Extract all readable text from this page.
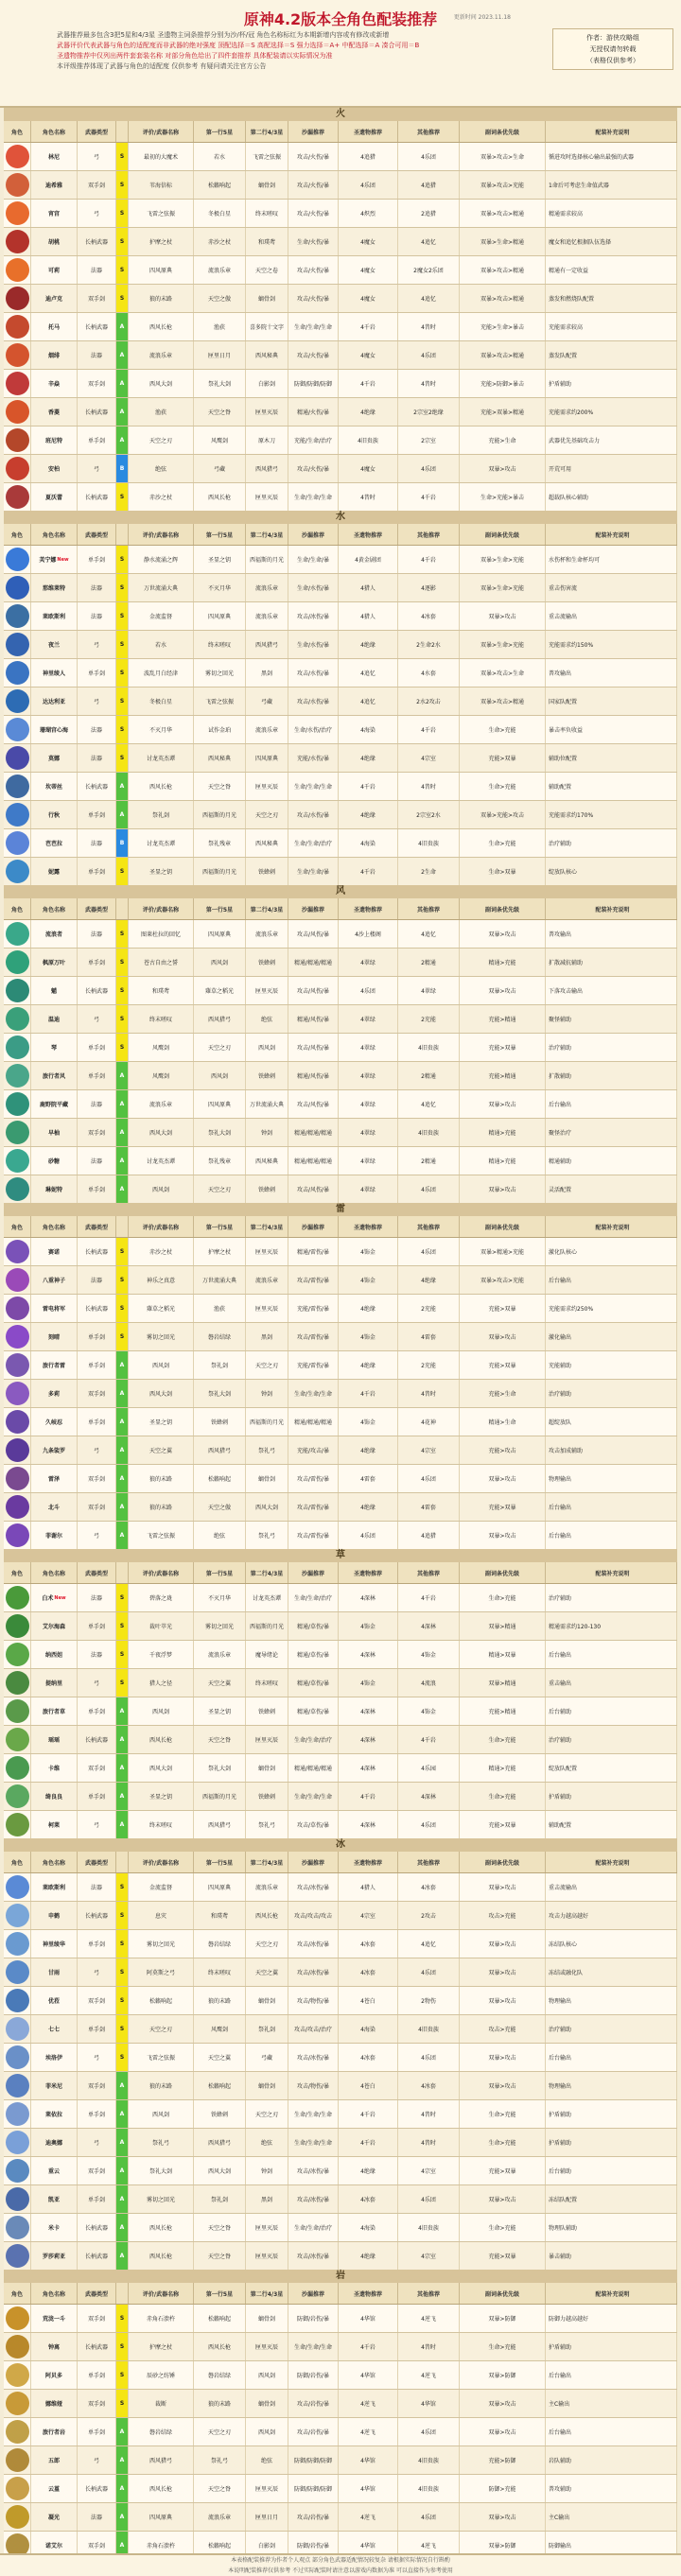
原神4.2版本全角色配装推荐	更新时间 2023.11.18
武器推荐最多包含3把5星和4/3星 圣遗物主词条推荐分别为沙/杯/冠 角色名称标红为本期新增内容或有修改或新增
武器评价代表武器与角色的适配度而非武器的绝对强度 顶配选择＝S 高配选择＝S 强力选择＝A+ 中配选择＝A 凑合可用＝B
圣遗物推荐中仅列出两件套套装名称 对部分角色给出了四件套推荐 具体配装请以实际情况为准
本评级推荐体现了武器与角色的适配度 仅供参考 有疑问请关注官方公告
作者：游侠攻略组
无授权请勿转载
（表格仅供参考）
火
角色	角色名称	武器类型	评价/武器名称	第一行5星	第二行4/3星	沙漏推荐	圣遗物推荐	其他推荐	副词条优先级	配装补充说明
林尼	弓	S	最初的大魔术	若水	飞雷之弦振	攻击/火伤/暴	4追猎	4乐团	双暴>攻击>生命	循进攻时选择核心输出最强的武器
迪希雅	双手剑	S	苇海信标	松籁响起	螭骨剑	攻击/火伤/暴	4乐团	4追猎	双暴>攻击>充能	1命后可考虑生命值武器
宵宫	弓	S	飞雷之弦振	冬极白星	终末嗟叹	攻击/火伤/暴	4炽烈	2追猎	双暴>攻击>精通	精通需求较高
胡桃	长柄武器 S	护摩之杖	赤沙之杖	和璞鸢	生命/火伤/暴	4魔女	4追忆	双暴>生命>精通	魔女和追忆根据队伍选择
可莉	法器	S	四风原典	流浪乐章	天空之卷	攻击/火伤/暴	4魔女	2魔女2乐团	双暴>攻击>精通	精通有一定收益
迪卢克	双手剑	S	狼的末路	天空之傲	螭骨剑	攻击/火伤/暴	4魔女	4追忆	双暴>攻击>精通	蒸发和燃烧队配置
托马	长柄武器 A	西风长枪	渔获	喜多院十文字 生命/生命/生命	4千岩	4昔时	充能>生命>暴击	充能需求较高
烟绯	法器	A	流浪乐章	匣里日月	西风秘典	攻击/火伤/暴	4魔女	4乐团	双暴>攻击>精通	蒸发队配置
辛焱	双手剑	A	西风大剑	祭礼大剑	白影剑	防御/防御/防御	4千岩	4昔时	充能>防御>暴击	护盾辅助
香菱	长柄武器 A	渔获	天空之脊	匣里灭辰	精通/火伤/暴	4绝缘	2宗室2绝缘	充能>双暴>精通	充能需求约200%
班尼特	单手剑	A	天空之刃	风鹰剑	原木刀	充能/生命/治疗	4旧贵族	2宗室	充能>生命	武器优先基础攻击力
安柏	弓	B	绝弦	弓藏	西风猎弓	攻击/火伤/暴	4魔女	4乐团	双暴>攻击	开荒可用
夏沃蕾	长柄武器 S	赤沙之杖	西风长枪	匣里灭辰	生命/生命/生命	4昔时	4千岩	生命>充能>暴击	超载队核心辅助
水
角色	角色名称	武器类型	评价/武器名称	第一行5星	第二行4/3星	沙漏推荐	圣遗物推荐	其他推荐	副词条优先级	配装补充说明
芙宁娜 New	单手剑	S	静水流涌之辉	圣显之钥	西福斯的月光 生命/生命/暴	4黄金剧团	4千岩	双暴>生命>充能	水伤杯和生命杯均可
那维莱特	法器	S	万世流涌大典	不灭月华	流浪乐章	生命/水伤/暴	4猎人	4逐影	双暴>生命>充能	重击伤害流
莱欧斯利	法器	S	金流监督	四风原典	流浪乐章	攻击/冰伤/暴	4猎人	4冰套	双暴>攻击	重击流输出
夜兰	弓	S	若水	终末嗟叹	西风猎弓	生命/水伤/暴	4绝缘	2生命2水	双暴>生命>充能	充能需求约150%
神里绫人	单手剑	S	波乱月白经津	雾切之回光	黑剑	攻击/水伤/暴	4追忆	4水套	双暴>攻击>生命	普攻输出
达达利亚	弓	S	冬极白星	飞雷之弦振	弓藏	攻击/水伤/暴	4追忆	2水2攻击	双暴>攻击>精通	国家队配置
珊瑚宫心海	法器	S	不灭月华	试作金珀	流浪乐章	生命/水伤/治疗	4海染	4千岩	生命>充能	暴击率负收益
莫娜	法器	S	讨龙英杰谭	西风秘典	四风原典	充能/水伤/暴	4绝缘	4宗室	充能>双暴	辅助位配置
坎蒂丝	长柄武器 A	西风长枪	天空之脊	匣里灭辰	生命/生命/生命	4千岩	4昔时	生命>充能	辅助配置
行秋	单手剑	A	祭礼剑	西福斯的月光	天空之刃	攻击/水伤/暴	4绝缘	2宗室2水	双暴>充能>攻击	充能需求约170%
芭芭拉	法器	B	讨龙英杰谭	祭礼残章	西风秘典	生命/生命/治疗	4海染	4旧贵族	生命>充能	治疗辅助
妮露	单手剑	S	圣显之钥	西福斯的月光	铁蜂刺	生命/生命/暴	4千岩	2生命	生命>双暴	绽放队核心
风
角色	角色名称	武器类型	评价/武器名称	第一行5星	第二行4/3星	沙漏推荐	圣遗物推荐	其他推荐	副词条优先级	配装补充说明
流浪者	法器	S	图莱杜拉的回忆	四风原典	流浪乐章	攻击/风伤/暴	4沙上楼阁	4追忆	双暴>攻击	普攻输出
枫原万叶	单手剑	S	苍古自由之誓	西风剑	铁蜂刺	精通/精通/精通	4翠绿	2精通	精通>充能	扩散减抗辅助
魈	长柄武器 S	和璞鸢	薙草之稻光	匣里灭辰	攻击/风伤/暴	4乐团	4翠绿	双暴>攻击	下落攻击输出
温迪	弓	S	终末嗟叹	西风猎弓	绝弦	精通/风伤/暴	4翠绿	2充能	充能>精通	聚怪辅助
琴	单手剑	S	风鹰剑	天空之刃	西风剑	攻击/风伤/暴	4翠绿	4旧贵族	充能>双暴	治疗辅助
旅行者风	单手剑	A	风鹰剑	西风剑	铁蜂刺	精通/风伤/暴	4翠绿	2精通	充能>精通	扩散辅助
鹿野院平藏	法器	A	流浪乐章	四风原典	万世流涌大典 攻击/风伤/暴	4翠绿	4追忆	双暴>攻击	后台输出
早柚	双手剑	A	西风大剑	祭礼大剑	钟剑	精通/精通/精通	4翠绿	4旧贵族	精通>充能	聚怪治疗
砂糖	法器	A	讨龙英杰谭	祭礼残章	西风秘典	精通/精通/精通	4翠绿	2精通	精通>充能	精通辅助
琳妮特	单手剑	A	西风剑	天空之刃	铁蜂刺	攻击/风伤/暴	4翠绿	4乐团	双暴>攻击	灵活配置
雷
角色	角色名称	武器类型	评价/武器名称	第一行5星	第二行4/3星	沙漏推荐	圣遗物推荐	其他推荐	副词条优先级	配装补充说明
赛诺	长柄武器 S	赤沙之杖	护摩之杖	匣里灭辰	精通/雷伤/暴	4饰金	4乐团	双暴>精通>充能	激化队核心
八重神子	法器	S	神乐之真意	万世流涌大典	流浪乐章	攻击/雷伤/暴	4饰金	4绝缘	双暴>攻击>充能	后台输出
雷电将军	长柄武器 S	薙草之稻光	渔获	匣里灭辰	充能/雷伤/暴	4绝缘	2充能	充能>双暴	充能需求约250%
刻晴	单手剑	S	雾切之回光	磐岩结绿	黑剑	攻击/雷伤/暴	4饰金	4雷套	双暴>攻击	激化输出
旅行者雷	单手剑	A	西风剑	祭礼剑	天空之刃	充能/雷伤/暴	4绝缘	2充能	充能>双暴	充能辅助
多莉	双手剑	A	西风大剑	祭礼大剑	钟剑	生命/生命/生命	4千岩	4昔时	充能>生命	治疗辅助
久岐忍	单手剑	A	圣显之钥	铁蜂刺	西福斯的月光 精通/精通/精通	4饰金	4花神	精通>生命	超绽放队
九条裟罗	弓	A	天空之翼	西风猎弓	祭礼弓	充能/攻击/暴	4绝缘	4宗室	充能>攻击	攻击加成辅助
雷泽	双手剑	A	狼的末路	松籁响起	螭骨剑	攻击/雷伤/暴	4雷套	4乐团	双暴>攻击	物理输出
北斗	双手剑	A	狼的末路	天空之傲	西风大剑	攻击/雷伤/暴	4绝缘	4雷套	充能>双暴	后台输出
菲谢尔	弓	A	飞雷之弦振	绝弦	祭礼弓	攻击/雷伤/暴	4乐团	4追猎	双暴>攻击	后台输出
草
角色	角色名称	武器类型	评价/武器名称	第一行5星	第二行4/3星	沙漏推荐	圣遗物推荐	其他推荐	副词条优先级	配装补充说明
白术 New	法器	S	碧落之珑	不灭月华	讨龙英杰谭 生命/生命/治疗	4深林	4千岩	生命>充能	治疗辅助
艾尔海森	单手剑	S	裁叶萃光	雾切之回光	西福斯的月光 精通/草伤/暴	4饰金	4深林	双暴>精通	精通需求约120-130
纳西妲	法器	S	千夜浮梦	流浪乐章	魔导绪论	精通/草伤/暴	4深林	4饰金	精通>双暴	后台输出
提纳里	弓	S	猎人之径	天空之翼	终末嗟叹	精通/草伤/暴	4饰金	4流浪	双暴>精通	重击输出
旅行者草	单手剑	A	西风剑	圣显之钥	铁蜂刺	精通/草伤/暴	4深林	4饰金	充能>精通	后台辅助
瑶瑶	长柄武器 A	西风长枪	天空之脊	匣里灭辰	生命/生命/治疗	4深林	4千岩	生命>充能	治疗辅助
卡维	双手剑	A	西风大剑	祭礼大剑	螭骨剑	精通/精通/精通	4深林	4乐园	精通>充能	绽放队配置
绮良良	单手剑	A	圣显之钥	西福斯的月光	铁蜂刺	生命/生命/生命	4千岩	4深林	生命>充能	护盾辅助
柯莱	弓	A	终末嗟叹	西风猎弓	祭礼弓	攻击/草伤/暴	4深林	4乐团	充能>双暴	辅助配置
冰
角色	角色名称	武器类型	评价/武器名称	第一行5星	第二行4/3星	沙漏推荐	圣遗物推荐	其他推荐	副词条优先级	配装补充说明
莱欧斯利	法器	S	金流监督	四风原典	流浪乐章	攻击/冰伤/暴	4猎人	4冰套	双暴>攻击	重击流输出
申鹤	长柄武器 S	息灾	和璞鸢	西风长枪	攻击/攻击/攻击	4宗室	2攻击	攻击>充能	攻击力越高越好
神里绫华	单手剑	S	雾切之回光	磐岩结绿	天空之刃	攻击/冰伤/暴	4冰套	4追忆	双暴>攻击	冻结队核心
甘雨	弓	S	阿莫斯之弓	终末嗟叹	天空之翼	攻击/冰伤/暴	4冰套	4乐团	双暴>攻击	冻结或融化队
优菈	双手剑	S	松籁响起	狼的末路	螭骨剑	攻击/物伤/暴	4苍白	2物伤	双暴>攻击	物理输出
七七	单手剑	S	天空之刃	风鹰剑	祭礼剑	攻击/攻击/治疗	4海染	4旧贵族	攻击>充能	治疗辅助
埃洛伊	弓	S	飞雷之弦振	天空之翼	弓藏	攻击/冰伤/暴	4冰套	4乐团	双暴>攻击	后台输出
菲米尼	双手剑	A	狼的末路	松籁响起	螭骨剑	攻击/物伤/暴	4苍白	4冰套	双暴>攻击	物理输出
莱依拉	单手剑	A	西风剑	铁蜂刺	天空之刃	生命/生命/生命	4千岩	4昔时	生命>充能	护盾辅助
迪奥娜	弓	A	祭礼弓	西风猎弓	绝弦	生命/生命/生命	4千岩	4昔时	生命>充能	护盾辅助
重云	双手剑	A	祭礼大剑	西风大剑	钟剑	攻击/冰伤/暴	4绝缘	4宗室	充能>双暴	后台辅助
凯亚	单手剑	A	雾切之回光	祭礼剑	黑剑	攻击/冰伤/暴	4冰套	4乐团	双暴>攻击	冻结队配置
米卡	长柄武器 A	西风长枪	天空之脊	匣里灭辰	生命/生命/治疗	4海染	4旧贵族	生命>充能	物理队辅助
罗莎莉亚	长柄武器 A	西风长枪	天空之脊	匣里灭辰	攻击/冰伤/暴	4绝缘	4宗室	充能>双暴	暴击辅助
岩
角色	角色名称	武器类型	评价/武器名称	第一行5星	第二行4/3星	沙漏推荐	圣遗物推荐	其他推荐	副词条优先级	配装补充说明
荒泷一斗	双手剑	S	赤角石溃杵	松籁响起	螭骨剑	防御/岩伤/暴	4华馆	4逆飞	双暴>防御	防御力越高越好
钟离	长柄武器 S	护摩之杖	西风长枪	匣里灭辰	生命/生命/生命	4千岩	4昔时	生命>充能	护盾辅助
阿贝多	单手剑	S	辰砂之纺锤	磐岩结绿	西风剑	防御/岩伤/暴	4华馆	4逆飞	双暴>防御	后台输出
娜维娅	双手剑	S	裁断	狼的末路	螭骨剑	攻击/岩伤/暴	4逆飞	4华馆	双暴>攻击	主C输出
旅行者岩	单手剑	A	磐岩结绿	天空之刃	西风剑	攻击/岩伤/暴	4逆飞	4乐团	双暴>攻击	后台输出
五郎	弓	A	西风猎弓	祭礼弓	绝弦	防御/防御/防御	4华馆	4旧贵族	充能>防御	岩队辅助
云堇	长柄武器 A	西风长枪	天空之脊	匣里灭辰	防御/防御/防御	4华馆	4旧贵族	防御>充能	普攻辅助
凝光	法器	A	四风原典	流浪乐章	匣里日月	攻击/岩伤/暴	4逆飞	4乐团	双暴>攻击	主C输出
诺艾尔	双手剑	A	赤角石溃杵	松籁响起	白影剑	防御/岩伤/暴	4华馆	4逆飞	双暴>防御	防御输出
本表格配装推荐为作者个人观点 部分角色武器适配情况较复杂 请根据实际情况自行斟酌
本说明配装推荐仅供参考 不过实际配装时请注意以游戏内数据为准 可以直接作为参考使用
